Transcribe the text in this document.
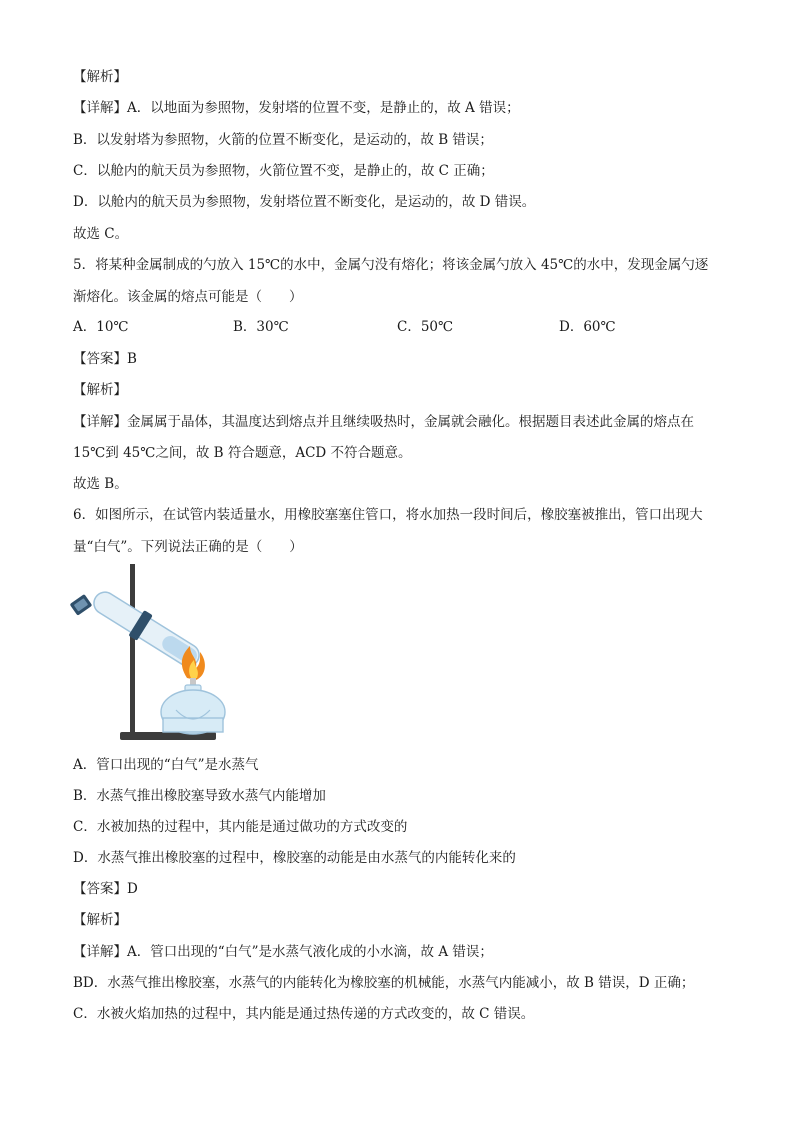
【解析】
【详解】A．以地面为参照物，发射塔的位置不变，是静止的，故 A 错误；
B．以发射塔为参照物，火箭的位置不断变化，是运动的，故 B 错误；
C．以舱内的航天员为参照物，火箭位置不变，是静止的，故 C 正确；
D．以舱内的航天员为参照物，发射塔位置不断变化，是运动的，故 D 错误。
故选 C。
5．将某种金属制成的勺放入 15℃的水中，金属勺没有熔化；将该金属勺放入 45℃的水中，发现金属勺逐
渐熔化。该金属的熔点可能是（　　）
A．10℃	B．30℃	C．50℃	D．60℃
【答案】B
【解析】
【详解】金属属于晶体，其温度达到熔点并且继续吸热时，金属就会融化。根据题目表述此金属的熔点在
15℃到 45℃之间，故 B 符合题意，ACD 不符合题意。
故选 B。
6．如图所示，在试管内装适量水，用橡胶塞塞住管口，将水加热一段时间后，橡胶塞被推出，管口出现大
量“白气”。下列说法正确的是（　　）
A．管口出现的“白气”是水蒸气
B．水蒸气推出橡胶塞导致水蒸气内能增加
C．水被加热的过程中，其内能是通过做功的方式改变的
D．水蒸气推出橡胶塞的过程中，橡胶塞的动能是由水蒸气的内能转化来的
【答案】D
【解析】
【详解】A．管口出现的“白气”是水蒸气液化成的小水滴，故 A 错误；
BD．水蒸气推出橡胶塞，水蒸气的内能转化为橡胶塞的机械能，水蒸气内能减小，故 B 错误，D 正确；
C．水被火焰加热的过程中，其内能是通过热传递的方式改变的，故 C 错误。
